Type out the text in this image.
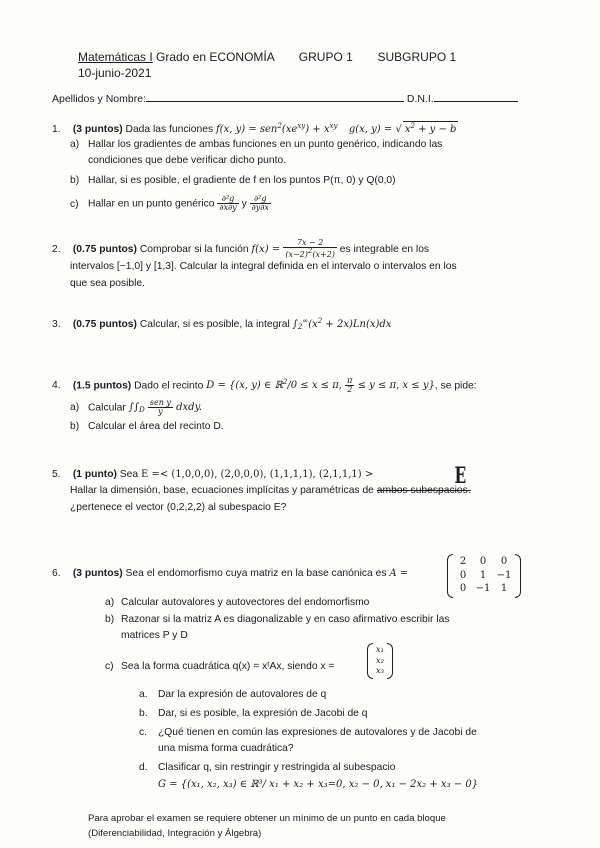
Matemáticas I Grado en ECONOMÍA GRUPO 1 SUBGRUPO 1
10-junio-2021
Apellidos y Nombre:	D.N.I.
1. (3 puntos) Dada las funciones f(x, $y) = sen^2(xe^{xy}) + x^{xy}$ g(x, y) = √ $x^2 + y - b$
a) Hallar los gradientes de ambas funciones en un punto genérico, indicando las
condiciones que debe verificar dicho punto.
b) Hallar, si es posible, el gradiente de f en los puntos P(π, 0) y Q(0,0)
c) Hallar en un punto genérico $\frac{\text{∂²g}}{\partial x\partial y}$ y $\frac{\text{∂²g}}{\partial y\partial x}$
2. (0.75 puntos) Comprobar si la función $f(x) = \frac{7x - 2}{(x-2)2(x+2)}$ es integrable en los
intervalos [−1,0] y [1,3]. Calcular la integral definida en el intervalo o intervalos en los
que sea posible.
3. (0.75 puntos) Calcular, si es posible, la integral $\int_2^\infty(x^2 + 2x)Ln(x)dx$
4. (1.5 puntos) Dado el recinto D = {(x, y) ∈ ℝ$^2$/0 ≤ x ≤ π, $\frac{\pi}{2} \le y \le \pi$, x ≤ y}, se pide:
a) Calcular $\int\int_D \frac{\text{sen y}}{y}$ dxdy.
b) Calcular el área del recinto D.
5. (1 punto) Sea E =< (1,0,0,0), (2,0,0,0), (1,1,1,1), (2,1,1,1) >	E
Hallar la dimensión, base, ecuaciones implícitas y paramétricas de ambos subespacios.
¿pertenece el vector (0,2,2,2) al subespacio E?
6. (3 puntos) Sea el endomorfismo cuya matriz en la base canónica es A =
2	0	0
0	1	−1
0 −1	1
a) Calcular autovalores y autovectores del endomorfismo
b) Razonar si la matriz A es diagonalizable y en caso afirmativo escribir las
matrices P y D
c) Sea la forma cuadrática q(x) = xᵗAx, siendo x =
x₁
x₂
x₃
a. Dar la expresión de autovalores de q
b. Dar, si es posible, la expresión de Jacobi de q
c. ¿Qué tienen en común las expresiones de autovalores y de Jacobi de
una misma forma cuadrática?
d. Clasificar q, sin restringir y restringida al subespacio
G = {(x₁, x₂, x₃) ∈ ℝ³/ x₁ + x₂ + x₃=0, x₂ − 0, x₁ − 2x₂ + x₃ − 0}
Para aprobar el examen se requiere obtener un mínimo de un punto en cada bloque
(Diferenciabilidad, Integración y Álgebra)
